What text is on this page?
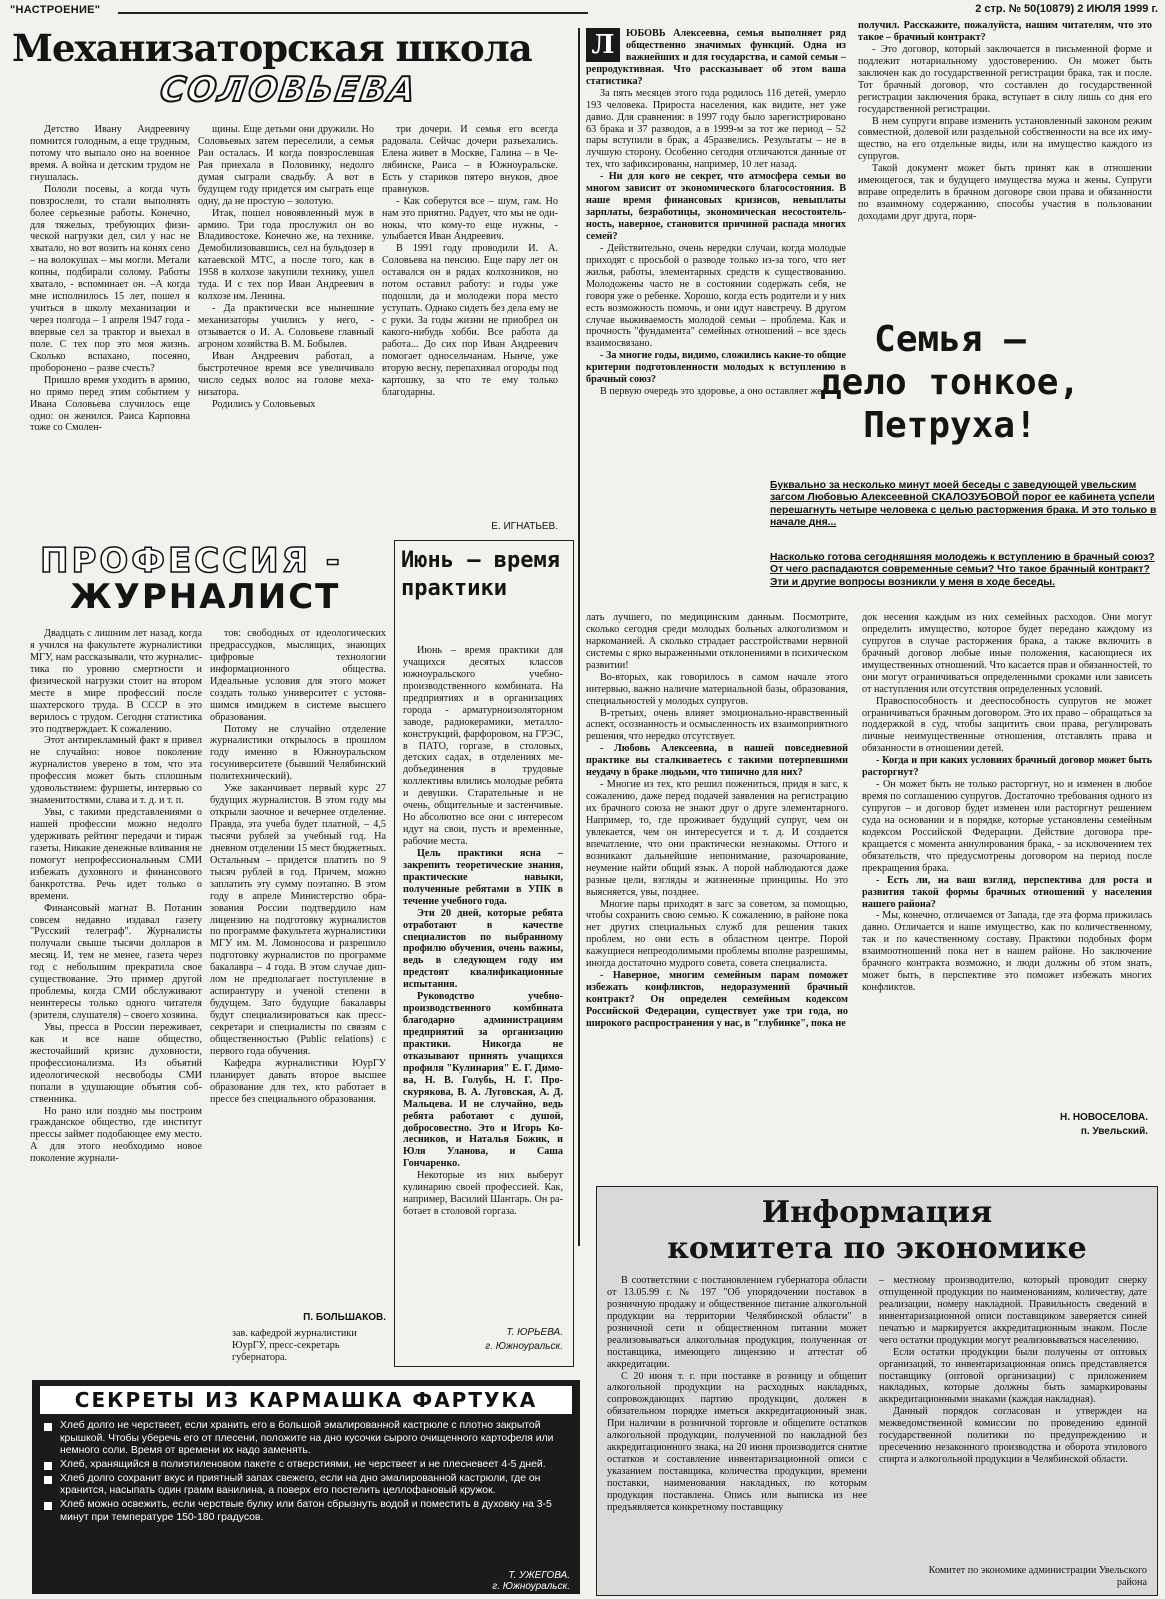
"НАСТРОЕНИЕ"	2 стр. № 50(10879) 2 ИЮЛЯ 1999 г.
Механизаторская школа
СОЛОВЬЕВА

Детство Ивану Андреевичу помнится голодным, а еще трудным, потому что выпало оно на военное время. А война и детским трудом не гнушалась.

Пололи посевы, а когда чуть повзрослели, то стали выполнять более серьезные работы. Конечно, для тяжелых, требующих физической нагрузки дел, сил у нас не хватало, но вот возить на конях сено – на волокушах – мы могли. Метали копны, подбирали солому. Работы хватало, - вспоминает он. –А когда мне исполнилось 15 лет, пошел я учиться в школу механизации и через полгода – 1 апреля 1947 года - впервые сел за трактор и выехал в поле. С тех пор это моя жизнь. Сколько вспахано, посеяно, проборонено – разве счесть?

Пришло время уходить в армию, но прямо перед этим событием у Ивана Соловьева случилось еще одно: он женился. Раиса Карповна тоже со Смолен-

щины. Еще детьми они дружили. Но Соловьевых затем переселили, а семья Раи осталась. И когда повзрослевшая Рая приехала в Половинку, недолго думая сыграли свадьбу. А вот в будущем году придется им сыграть еще одну, да не простую – золотую.

Итак, пошел новоявленный муж в армию. Три года прослужил он во Владивостоке. Конечно же, на технике. Демобилизовавшись, сел на бульдозер в катаевской МТС, а после того, как в 1958 в колхозе закупили технику, ушел туда. И с тех пор Иван Андреевич в колхозе им. Ленина.

- Да практически все нынешние механизаторы учились у него, - отзывается о И. А. Соловьеве главный агроном хозяйства В. М. Бобылев.

Иван Андреевич работал, а быстротечное время все увеличивало число седых волос на голове механизатора.

Родились у Соловьевых

три дочери. И семья его всегда радовала. Сейчас дочери разъехались. Елена живет в Москве, Галина – в Челябинске, Раиса – в Южноуральске. Есть у стариков пятеро внуков, двое правнуков.

- Как соберутся все – шум, гам. Но нам это приятно. Радует, что мы не одинокы, что кому-то еще нужны, - улыбается Иван Андреевич.

В 1991 году проводили И. А. Соловьева на пенсию. Еще пару лет он оставался он в рядах колхозников, но потом оставил работу: и годы уже подошли, да и молодежи пора место уступать. Однако сидеть без дела ему не с руки. За годы жизни не приобрел он какого-нибудь хобби. Все работа да работа... До сих пор Иван Андреевич помогает односельчанам. Нынче, уже вторую весну, перепахивал огороды под картошку, за что те ему только благодарны.

Е. ИГНАТЬЕВ.
ПРОФЕССИЯ -
ЖУРНАЛИСТ

Двадцать с лишним лет назад, когда я учился на факультете журналистики МГУ, нам рассказывали, что журналистика по уровню смертности и физической нагрузки стоит на втором месте в мире профессий после шахтерского труда. В СССР в это верилось с трудом. Сегодня статистика это подтверждает. К сожалению.

Этот антирекламный факт я привел не случайно: новое поколение журналистов уверено в том, что эта профессия может быть сплошным удовольствием: фуршеты, интервью со знаменитостями, слава и т. д. и т. п.

Увы, с такими представлениями о нашей профессии можно недолго удерживать рейтинг передачи и тираж газеты. Никакие денежные вливания не помогут непрофессиональным СМИ избежать духовного и финансового банкротства. Речь идет только о времени.

Финансовый магнат В. Потанин совсем недавно издавал газету "Русский телеграф". Журналисты получали свыше тысячи долларов в месяц. И, тем не менее, газета через год с небольшим прекратила свое существование. Это пример другой проблемы, когда СМИ обслуживают неинтересы только одного читателя (зрителя, слушателя) – своего хозяина.

Увы, пресса в России переживает, как и все наше общество, жесточайший кризис духовности, профессионализма. Из объятий идеологической несвободы СМИ попали в удушающие объятия собственника.

Но рано или поздно мы построим гражданское общество, где институт прессы займет подобающее ему место. А для этого необходимо новое поколение журнали-

тов: свободных от идеологических предрассудков, мыслящих, знающих цифровые технологии информационного общества. Идеальные условия для этого может создать только университет с устоявшимся имиджем в системе высшего образования.

Потому не случайно отделение журналистики открылось в прошлом году именно в Южноуральском госуниверситете (бывший Челябинский политехнический).

Уже заканчивает первый курс 27 будущих журналистов. В этом году мы открыли заочное и вечернее отделение. Правда, эта учеба будет платной, – 4,5 тысячи рублей за учебный год. На дневном отделении 15 мест бюджетных. Остальным – придется платить по 9 тысяч рублей в год. Причем, можно заплатить эту сумму поэтапно. В этом году в апреле Министерство образования России подтвердило нам лицензию на подготовку журналистов по программе факультета журналистики МГУ им. М. Ломоносова и разрешило подготовку журналистов по программе бакалавра – 4 года. В этом случае диплом не предполагает поступление в аспирантуру и ученой степени в будущем. Зато будущие бакалавры будут специализироваться как пресссекретари и специалисты по связям с общественностью (Public relations) с первого года обучения.

Кафедра журналистики ЮурГУ планирует давать второе высшее образование для тех, кто работает в прессе без специального образования.

П. БОЛЬШАКОВ.
зав. кафедрой журналистики ЮурГУ, пресс-секретарь губернатора.
Июнь – время практики

Июнь – время практики для учащихся десятых классов южноуральского учебно-производственного комбината. На предприятиях и в организациях города - арматурноизоляторном заводе, радиокерамики, металлоконструкций, фарфоровом, на ГРЭС, в ПАТО, горгазе, в столовых, детских садах, в отделениях медобъединения в трудовые коллективы влились молодые ребята и девушки. Старательные и не очень, общительные и застенчивые. Но абсолютно все они с интересом идут на свои, пусть и временные, рабочие места.

Цель практики ясна – закрепить теоретические знания, практические навыки, полученные ребятами в УПК в течение учебного года.

Эти 20 дней, которые ребята отработают в качестве специалистов по выбранному профилю обучения, очень важны, ведь в следующем году им предстоят квалификационные испытания.

Руководство учебнопроизводственного комбината благодарно администрациям предприятий за организацию практики. Никогда не отказывают принять учащихся профиля "Кулинария" Е. Г. Димова, Н. В. Голубь, Н. Г. Проскурякова, В. А. Луговская, А. Д. Мальцева. И не случайно, ведь ребята работают с душой, добросовестно. Это и Игорь Колесников, и Наталья Божик, и Юля Уланова, и Саша Гончаренко.

Некоторые из них выберут кулинарию своей профессией. Как, например, Василий Шантарь. Он работает в столовой горгаза.

Т. ЮРЬЕВА.
г. Южноуральск.
Л	ЮБОВЬ Алексеевна, семья выполняет ряд общественно значимых функций. Одна из важнейших и для государства, и самой семьи – репродуктивная. Что рассказывает об этом ваша статистика?

За пять месяцев этого года родилось 116 детей, умерло 193 человека. Прироста населения, как видите, нет уже давно. Для сравнения: в 1997 году было зарегистрировано 63 брака и 37 разводов, а в 1999-м за тот же период – 52 пары вступили в брак, а 45развелись. Результаты – не в лучшую сторону. Особенно сегодня отличаются данные от тех, что зафиксированы, например, 10 лет назад.

- Ни для кого не секрет, что атмосфера семьи во многом зависит от экономического благосостояния. В наше время финансовых кризисов, невыплаты зарплаты, безработицы, экономическая несостоятельность, наверное, становится причиной распада многих семей?

- Действительно, очень нередки случаи, когда молодые приходят с просьбой о разводе только из-за того, что нет жилья, работы, элементарных средств к существованию. Молодожены часто не в состоянии содержать себя, не говоря уже о ребенке. Хорошо, когда есть родители и у них есть возможность помочь, и они идут навстречу. В другом случае выживаемость молодой семьи – проблема. Как и прочность "фундамента" семейных отношений – все здесь взаимосвязано.

- За многие годы, видимо, сложились какие-то общие критерии подготовленности молодых к вступлению в брачный союз?

В первую очередь это здоровье, а оно оставляет же-

лать лучшего, по медицинским данным. Посмотрите, сколько сегодня среди молодых больных алкоголизмом и наркоманией. А сколько страдает расстройствами нервной системы с ярко выраженными отклонениями в психическом развитии!

Во-вторых, как говорилось в самом начале этого интервью, важно наличие материальной базы, образования, специальностей у молодых супругов.

В-третьих, очень влияет эмоционально-нравственный аспект, осознанность и осмысленность их взаимоприятного решения, что нередко отсутствует.

- Любовь Алексеевна, в нашей повседневной практике вы сталкиваетесь с такими потерпевшими неудачу в браке людьми, что типично для них?

- Многие из тех, кто решил пожениться, придя в загс, к сожалению, даже перед подачей заявления на регистрацию их брачного союза не знают друг о друге элементарного. Например, то, где проживает будущий супруг, чем он увлекается, чем он интересуется и т. д. И создается впечатление, что они практически незнакомы. Оттого и возникают дальнейшие непонимание, разочарование, неумение найти общий язык. А порой наблюдаются даже разные цели, взгляды и жизненные принципы. Но это выясняется, увы, позднее.

Многие пары приходят в загс за советом, за помощью, чтобы сохранить свою семью. К сожалению, в районе пока нет других специальных служб для решения таких проблем, но они есть в областном центре. Порой кажущиеся непреодолимыми проблемы вполне разрешимы, иногда достаточно мудрого совета, совета специалиста.

- Наверное, многим семейным парам поможет избежать конфликтов, недоразумений брачный контракт? Он определен семейным кодексом Российской Федерации, существует уже три года, но широкого распространения у нас, в "глубинке", пока не

получил. Расскажите, пожалуйста, нашим читателям, что это такое – брачный контракт?

- Это договор, который заключается в письменной форме и подлежит нотариальному удостоверению. Он может быть заключен как до государственной регистрации брака, так и после. Тот брачный договор, что составлен до государственной регистрации заключения брака, вступает в силу лишь со дня его государственной регистрации.

В нем супруги вправе изменить установленный законом режим совместной, долевой или раздельной собственности на все их имущество, на его отдельные виды, или на имущество каждого из супругов.

Такой документ может быть принят как в отношении имеющегося, так и будущего имущества мужа и жены. Супруги вправе определить в брачном договоре свои права и обязанности по взаимному содержанию, способы участия в пользовании доходами друг друга, поря-

Семья –
дело тонкое,
Петруха!
Буквально за несколько минут моей беседы с заведующей увельским загсом Любовью Алексеевной СКАЛОЗУБОВОЙ порог ее кабинета успели перешагнуть четыре человека с целью расторжения брака. И это только в начале дня...
Насколько готова сегодняшняя молодежь к вступлению в брачный союз? От чего распадаются современные семьи? Что такое брачный контракт? Эти и другие вопросы возникли у меня в ходе беседы.

док несения каждым из них семейных расходов. Они могут определить имущество, которое будет передано каждому из супругов в случае расторжения брака, а также включить в брачный договор любые иные положения, касающиеся их имущественных отношений. Что касается прав и обязанностей, то они могут ограничиваться определенными сроками или зависеть от наступления или отсутствия определенных условий.

Правоспособность и дееспособность супругов не может ограничиваться брачным договором. Это их право – обращаться за поддержкой в суд, чтобы защитить свои права, регулировать личные неимущественные отношения, отставлять права и обязанности в отношении детей.

- Когда и при каких условиях брачный договор может быть расторгнут?

- Он может быть не только расторгнут, но и изменен в любое время по соглашению супругов. Достаточно требования одного из супругов – и договор будет изменен или расторгнут решением суда на основании и в порядке, которые установлены семейным кодексом Российской Федерации. Действие договора прекращается с момента аннулирования брака, - за исключением тех обязательств, что предусмотрены договором на период после прекращения брака.

- Есть ли, на ваш взгляд, перспектива для роста и развития такой формы брачных отношений у населения нашего района?

- Мы, конечно, отличаемся от Запада, где эта форма прижилась давно. Отличается и наше имущество, как по количественному, так и по качественному составу. Практики подобных форм взаимоотношений пока нет в нашем районе. Но заключение брачного контракта возможно, и люди должны об этом знать, может быть, в перспективе это поможет избежать многих конфликтов.

Н. НОВОСЕЛОВА.
п. Увельский.
Информация
комитета по экономике

В соответствии с постановлением губернатора области от 13.05.99 г. № 197 "Об упорядочении поставок в розничную продажу и общественное питание алкогольной продукции на территории Челябинской области" в розничной сети и общественном питании может реализовываться алкогольная продукция, полученная от поставщика, имеющего лицензию и аттестат об аккредитации.

С 20 июня т. г. при поставке в розницу и общепит алкогольной продукции на расходных накладных, сопровождающих партию продукции, должен в обязательном порядке иметься аккредитационный знак. При наличии в розничной торговле и общепите остатков алкогольной продукции, полученной по накладной без аккредитационного знака, на 20 июня производится снятие остатков и составление инвентаризационной описи с указанием поставщика, количества продукции, времени поставки, наименования накладных, по которым продукция поставлена. Опись или выписка из нее предъявляется конкретному поставщику

– местному производителю, который проводит сверку отпущенной продукции по наименованиям, количеству, дате реализации, номеру накладной. Правильность сведений в инвентаризационной описи поставщиком заверяется синей печатью и маркируется аккредитационным знаком. После чего остатки продукции могут реализовываться населению.

Если остатки продукции были получены от оптовых организаций, то инвентаризационная опись представляется поставщику (оптовой организации) с приложением накладных, которые должны быть замаркированы аккредитационными знаками (каждая накладная).

Данный порядок согласован и утвержден на межведомственной комиссии по проведению единой государственной политики по предупреждению и пресечению незаконного производства и оборота этилового спирта и алкогольной продукции в Челябинской области.

Комитет по экономике администрации Увельского района
СЕКРЕТЫ ИЗ КАРМАШКА ФАРТУКА
Хлеб долго не черствеет, если хранить его в большой эмалированной кастрюле с плотно закрытой крышкой. Чтобы уберечь его от плесени, положите на дно кусочки сырого очищенного картофеля или немного соли. Время от времени их надо заменять.
Хлеб, хранящийся в полиэтиленовом пакете с отверстиями, не черствеет и не плесневеет 4-5 дней.
Хлеб долго сохранит вкус и приятный запах свежего, если на дно эмалированной кастрюли, где он хранится, насыпать один грамм ванилина, а поверх его постелить целлофановый кружок.
Хлеб можно освежить, если черствые булку или батон сбрызнуть водой и поместить в духовку на 3-5 минут при температуре 150-180 градусов.
Т. УЖЕГОВА.
г. Южноуральск.
